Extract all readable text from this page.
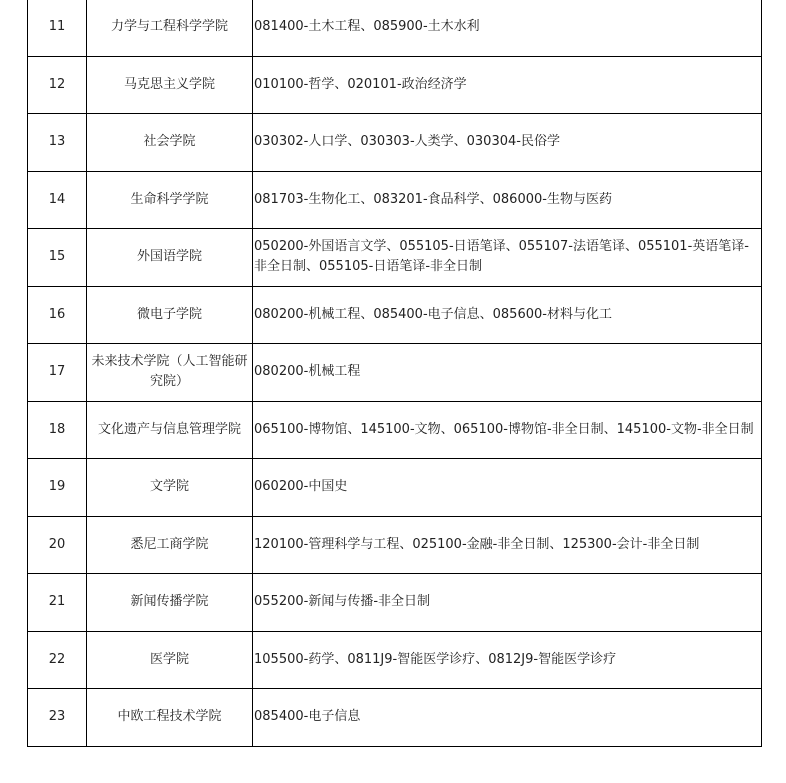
11	力学与工程科学学院	081400-土木工程、085900-土木水利
12	马克思主义学院	010100-哲学、020101-政治经济学
13	社会学院	030302-人口学、030303-人类学、030304-民俗学
14	生命科学学院	081703-生物化工、083201-食品科学、086000-生物与医药
15	外国语学院	050200-外国语言文学、055105-日语笔译、055107-法语笔译、055101-英语笔译-非全日制、055105-日语笔译-非全日制
16	微电子学院	080200-机械工程、085400-电子信息、085600-材料与化工
17	未来技术学院（人工智能研究院）	080200-机械工程
18	文化遗产与信息管理学院	065100-博物馆、145100-文物、065100-博物馆-非全日制、145100-文物-非全日制
19	文学院	060200-中国史
20	悉尼工商学院	120100-管理科学与工程、025100-金融-非全日制、125300-会计-非全日制
21	新闻传播学院	055200-新闻与传播-非全日制
22	医学院	105500-药学、0811J9-智能医学诊疗、0812J9-智能医学诊疗
23	中欧工程技术学院	085400-电子信息
